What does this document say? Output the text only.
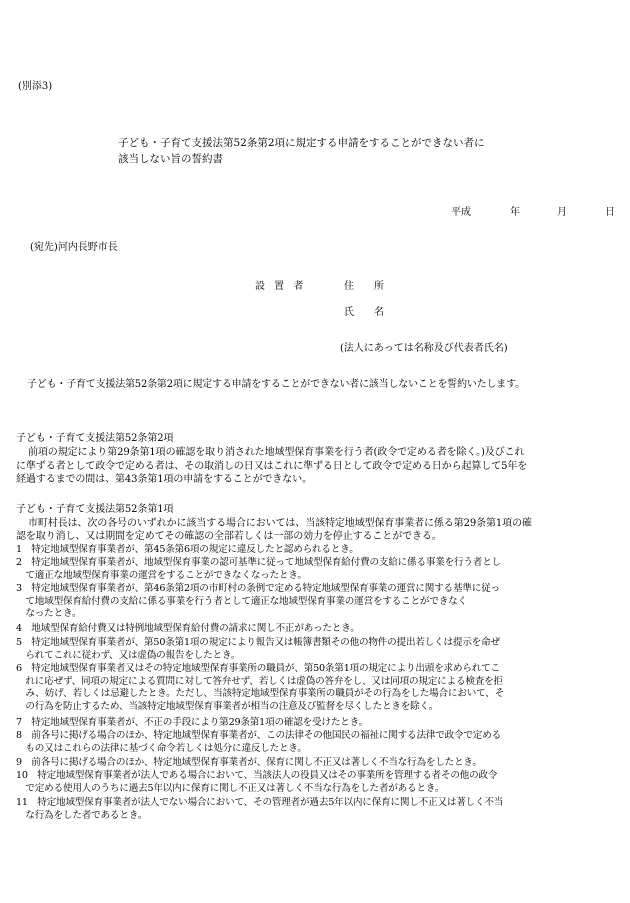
(別添3)
子ども・子育て支援法第52条第2項に規定する申請をすることができない者に
該当しない旨の誓約書
平成	年	月	日
(宛先)河内長野市長
設 置 者	住　　所
氏　　名
(法人にあっては名称及び代表者氏名)
子ども・子育て支援法第52条第2項に規定する申請をすることができない者に該当しないことを誓約いたします。
子ども・子育て支援法第52条第2項
前項の規定により第29条第1項の確認を取り消された地域型保育事業を行う者(政令で定める者を除く。)及びこれ
に準ずる者として政令で定める者は、その取消しの日又はこれに準ずる日として政令で定める日から起算して5年を
経過するまでの間は、第43条第1項の申請をすることができない。
子ども・子育て支援法第52条第1項
市町村長は、次の各号のいずれかに該当する場合においては、当該特定地域型保育事業者に係る第29条第1項の確
認を取り消し、又は期間を定めてその確認の全部若しくは一部の効力を停止することができる。
1　特定地域型保育事業者が、第45条第6項の規定に違反したと認められるとき。
2　特定地域型保育事業者が、地域型保育事業の認可基準に従って地域型保育給付費の支給に係る事業を行う者とし
　て適正な地域型保育事業の運営をすることができなくなったとき。
3　特定地域型保育事業者が、第46条第2項の市町村の条例で定める特定地域型保育事業の運営に関する基準に従っ
　て地域型保育給付費の支給に係る事業を行う者として適正な地域型保育事業の運営をすることができなく
　なったとき。
4　地域型保育給付費又は特例地域型保育給付費の請求に関し不正があったとき。
5　特定地域型保育事業者が、第50条第1項の規定により報告又は帳簿書類その他の物件の提出若しくは提示を命ぜ
　られてこれに従わず、又は虚偽の報告をしたとき。
6　特定地域型保育事業者又はその特定地域型保育事業所の職員が、第50条第1項の規定により出頭を求められてこ
　れに応ぜず、同項の規定による質問に対して答弁せず、若しくは虚偽の答弁をし、又は同項の規定による検査を拒
　み、妨げ、若しくは忌避したとき。ただし、当該特定地域型保育事業所の職員がその行為をした場合において、そ
　の行為を防止するため、当該特定地域型保育事業者が相当の注意及び監督を尽くしたときを除く。
7　特定地域型保育事業者が、不正の手段により第29条第1項の確認を受けたとき。
8　前各号に掲げる場合のほか、特定地域型保育事業者が、この法律その他国民の福祉に関する法律で政令で定める
　もの又はこれらの法律に基づく命令若しくは処分に違反したとき。
9　前各号に掲げる場合のほか、特定地域型保育事業者が、保育に関し不正又は著しく不当な行為をしたとき。
10　特定地域型保育事業者が法人である場合において、当該法人の役員又はその事業所を管理する者その他の政令
　で定める使用人のうちに過去5年以内に保育に関し不正又は著しく不当な行為をした者があるとき。
11　特定地域型保育事業者が法人でない場合において、その管理者が過去5年以内に保育に関し不正又は著しく不当
　な行為をした者であるとき。
